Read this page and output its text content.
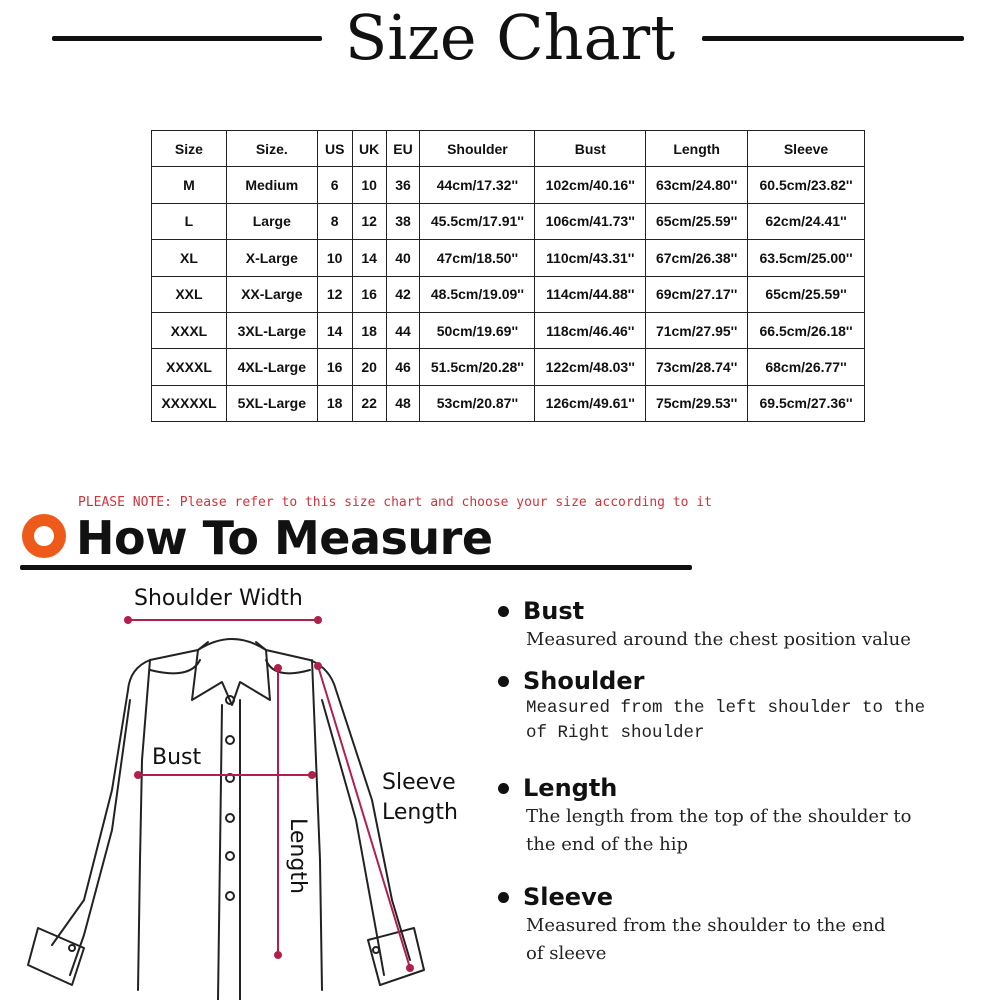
Size Chart
Size	Size.	US	UK	EU	Shoulder	Bust	Length	Sleeve
M	Medium	6	10	36	44cm/17.32''	102cm/40.16''	63cm/24.80''	60.5cm/23.82''
L	Large	8	12	38	45.5cm/17.91''	106cm/41.73''	65cm/25.59''	62cm/24.41''
XL	X-Large	10	14	40	47cm/18.50''	110cm/43.31''	67cm/26.38''	63.5cm/25.00''
XXL	XX-Large	12	16	42	48.5cm/19.09''	114cm/44.88''	69cm/27.17''	65cm/25.59''
XXXL	3XL-Large	14	18	44	50cm/19.69''	118cm/46.46''	71cm/27.95''	66.5cm/26.18''
XXXXL	4XL-Large	16	20	46	51.5cm/20.28''	122cm/48.03''	73cm/28.74''	68cm/26.77''
XXXXXL	5XL-Large	18	22	48	53cm/20.87''	126cm/49.61''	75cm/29.53''	69.5cm/27.36''
PLEASE NOTE: Please refer to this size chart and choose your size according to it
How To Measure
Shoulder Width
Bust
Sleeve
Length
Length
Bust
Measured around the chest position value
Shoulder
Measured from the left shoulder to the
of Right shoulder
Length
The length from the top of the shoulder to
the end of the hip
Sleeve
Measured from the shoulder to the end
of sleeve
